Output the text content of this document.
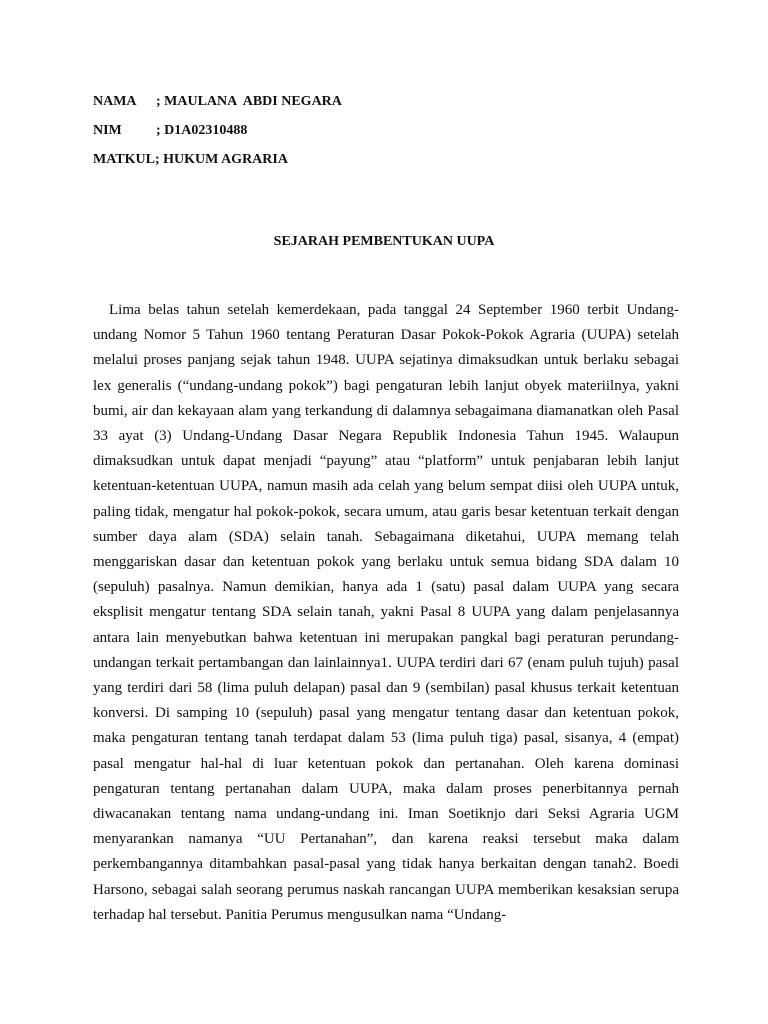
NAMA	; MAULANA  ABDI NEGARA
NIM	; D1A02310488
MATKUL ; HUKUM AGRARIA
SEJARAH PEMBENTUKAN UUPA

Lima belas tahun setelah kemerdekaan, pada tanggal 24 September 1960 terbit Undang-undang Nomor 5 Tahun 1960 tentang Peraturan Dasar Pokok-Pokok Agraria (UUPA) setelah melalui proses panjang sejak tahun 1948. UUPA sejatinya dimaksudkan untuk berlaku sebagai lex generalis (“undang-undang pokok”) bagi pengaturan lebih lanjut obyek materiilnya, yakni bumi, air dan kekayaan alam yang terkandung di dalamnya sebagaimana diamanatkan oleh Pasal 33 ayat (3) Undang-Undang Dasar Negara Republik Indonesia Tahun 1945. Walaupun dimaksudkan untuk dapat menjadi “payung” atau “platform” untuk penjabaran lebih lanjut ketentuan-ketentuan UUPA, namun masih ada celah yang belum sempat diisi oleh UUPA untuk, paling tidak, mengatur hal pokok-pokok, secara umum, atau garis besar ketentuan terkait dengan sumber daya alam (SDA) selain tanah. Sebagaimana diketahui, UUPA memang telah menggariskan dasar dan ketentuan pokok yang berlaku untuk semua bidang SDA dalam 10 (sepuluh) pasalnya. Namun demikian, hanya ada 1 (satu) pasal dalam UUPA yang secara eksplisit mengatur tentang SDA selain tanah, yakni Pasal 8 UUPA yang dalam penjelasannya antara lain menyebutkan bahwa ketentuan ini merupakan pangkal bagi peraturan perundang-undangan terkait pertambangan dan lainlainnya1. UUPA terdiri dari 67 (enam puluh tujuh) pasal yang terdiri dari 58 (lima puluh delapan) pasal dan 9 (sembilan) pasal khusus terkait ketentuan konversi. Di samping 10 (sepuluh) pasal yang mengatur tentang dasar dan ketentuan pokok, maka pengaturan tentang tanah terdapat dalam 53 (lima puluh tiga) pasal, sisanya, 4 (empat) pasal mengatur hal-hal di luar ketentuan pokok dan pertanahan. Oleh karena dominasi pengaturan tentang pertanahan dalam UUPA, maka dalam proses penerbitannya pernah diwacanakan tentang nama undang-undang ini. Iman Soetiknjo dari Seksi Agraria UGM menyarankan namanya “UU Pertanahan”, dan karena reaksi tersebut maka dalam perkembangannya ditambahkan pasal-pasal yang tidak hanya berkaitan dengan tanah2. Boedi Harsono, sebagai salah seorang perumus naskah rancangan UUPA memberikan kesaksian serupa terhadap hal tersebut. Panitia Perumus mengusulkan nama “Undang-
